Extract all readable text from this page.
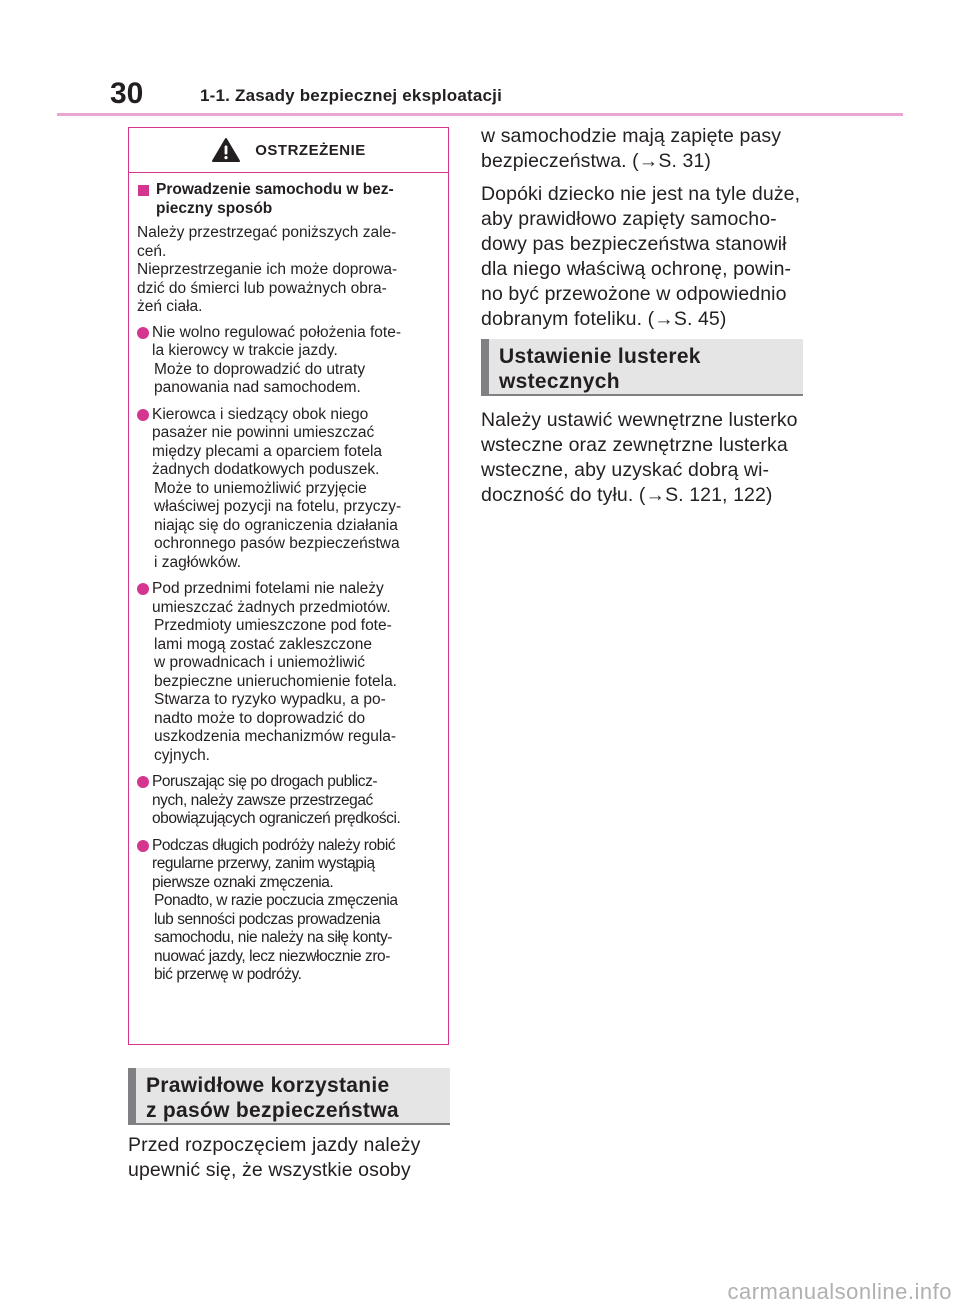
30	1-1. Zasady bezpiecznej eksploatacji
OSTRZEŻENIE
Prowadzenie samochodu w bez-
pieczny sposób
Należy przestrzegać poniższych zale-
ceń.
Nieprzestrzeganie ich może doprowa-
dzić do śmierci lub poważnych obra-
żeń ciała.
Nie wolno regulować położenia fote-
la kierowcy w trakcie jazdy.
Może to doprowadzić do utraty
panowania nad samochodem.
Kierowca i siedzący obok niego
pasażer nie powinni umieszczać
między plecami a oparciem fotela
żadnych dodatkowych poduszek.
Może to uniemożliwić przyjęcie
właściwej pozycji na fotelu, przyczy-
niając się do ograniczenia działania
ochronnego pasów bezpieczeństwa
i zagłówków.
Pod przednimi fotelami nie należy
umieszczać żadnych przedmiotów.
Przedmioty umieszczone pod fote-
lami mogą zostać zakleszczone
w prowadnicach i uniemożliwić
bezpieczne unieruchomienie fotela.
Stwarza to ryzyko wypadku, a po-
nadto może to doprowadzić do
uszkodzenia mechanizmów regula-
cyjnych.
Poruszając się po drogach publicz-
nych, należy zawsze przestrzegać
obowiązujących ograniczeń prędkości.
Podczas długich podróży należy robić
regularne przerwy, zanim wystąpią
pierwsze oznaki zmęczenia.
Ponadto, w razie poczucia zmęczenia
lub senności podczas prowadzenia
samochodu, nie należy na siłę konty-
nuować jazdy, lecz niezwłocznie zro-
bić przerwę w podróży.
Prawidłowe korzystanie
z pasów bezpieczeństwa
Przed rozpoczęciem jazdy należy
upewnić się, że wszystkie osoby

w samochodzie mają zapięte pasy
bezpieczeństwa. (→S. 31)

Dopóki dziecko nie jest na tyle duże,
aby prawidłowo zapięty samocho-
dowy pas bezpieczeństwa stanowił
dla niego właściwą ochronę, powin-
no być przewożone w odpowiednio
dobranym foteliku. (→S. 45)

Ustawienie lusterek
wstecznych
Należy ustawić wewnętrzne lusterko
wsteczne oraz zewnętrzne lusterka
wsteczne, aby uzyskać dobrą wi-
doczność do tyłu. (→S. 121, 122)
carmanualsonline.info
